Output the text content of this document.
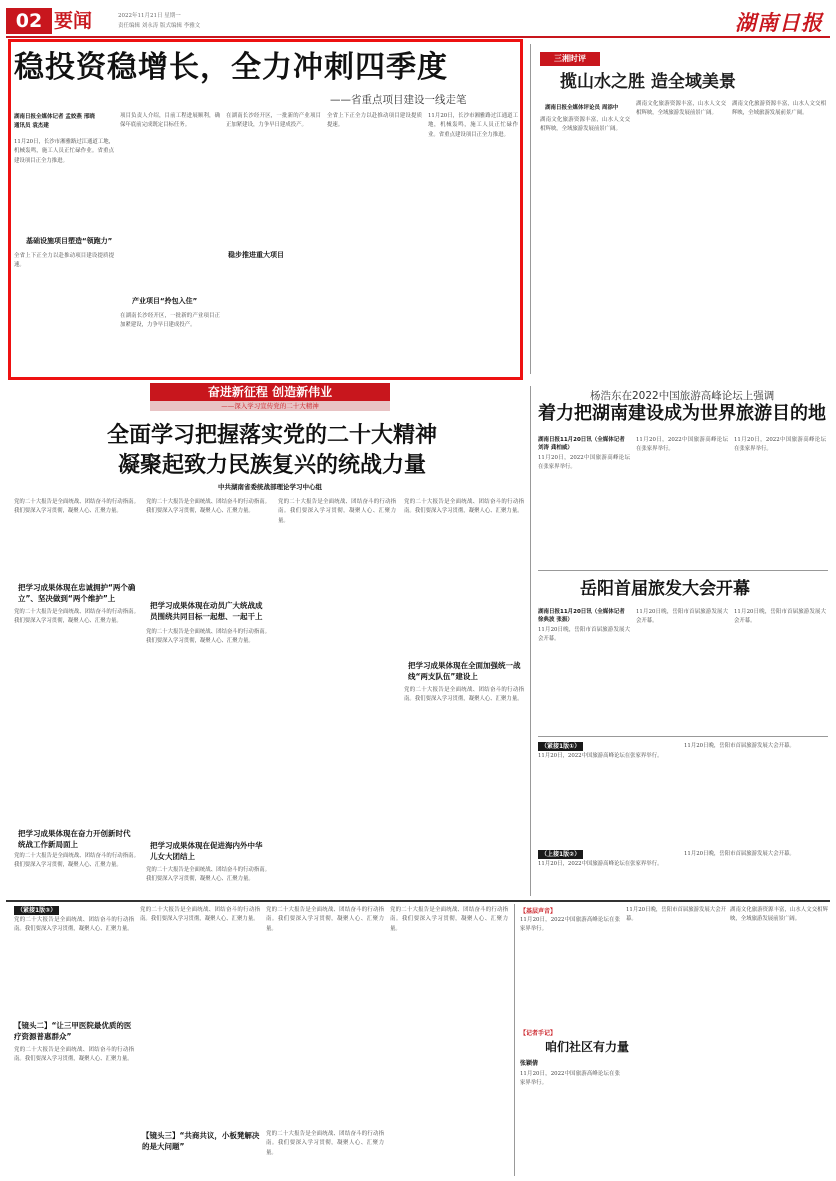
02 要闻	2022年11月21日 星期一
责任编辑 刘永涛 版式编辑 李雅文	湖南日报
稳投资稳增长，全力冲刺四季度
——省重点项目建设一线走笔
湖南日报全媒体记者 孟姣燕 邢晓
通讯员 袁杰建
11月20日，长沙市湘雅路过江通道工地，机械轰鸣，施工人员正忙碌作业。省重点建设项目正全力推进。
基础设施项目塑造“领跑力”
全省上下正全力以赴推动项目建设提质提速。
项目负责人介绍，目前工程进展顺利，确保年底前完成既定目标任务。
产业项目“拎包入住”
在湖南长沙经开区，一批新的产业项目正加紧建设，力争早日建成投产。
在湖南长沙经开区，一批新的产业项目正加紧建设，力争早日建成投产。
全省上下正全力以赴推动项目建设提质提速。
11月20日，长沙市湘雅路过江通道工地，机械轰鸣，施工人员正忙碌作业。省重点建设项目正全力推进。
稳步推进重大项目
三湘时评
揽山水之胜 造全域美景
湖南日报全媒体评论员 周添中
湖南文化旅游资源丰富，山水人文交相辉映，全域旅游发展前景广阔。
湖南文化旅游资源丰富，山水人文交相辉映，全域旅游发展前景广阔。
湖南文化旅游资源丰富，山水人文交相辉映，全域旅游发展前景广阔。
奋进新征程 创造新伟业
——深入学习宣传党的二十大精神
全面学习把握落实党的二十大精神
凝聚起致力民族复兴的统战力量
中共湖南省委统战部理论学习中心组
党的二十大报告是全面统战、团结奋斗的行动指南。我们要深入学习贯彻，凝聚人心、汇聚力量。
把学习成果体现在忠诚拥护“两个确立”、坚决做到“两个维护”上
党的二十大报告是全面统战、团结奋斗的行动指南。我们要深入学习贯彻，凝聚人心、汇聚力量。
把学习成果体现在奋力开创新时代统战工作新局面上
党的二十大报告是全面统战、团结奋斗的行动指南。我们要深入学习贯彻，凝聚人心、汇聚力量。
党的二十大报告是全面统战、团结奋斗的行动指南。我们要深入学习贯彻，凝聚人心、汇聚力量。
把学习成果体现在动员广大统战成员围绕共同目标一起想、一起干上
党的二十大报告是全面统战、团结奋斗的行动指南。我们要深入学习贯彻，凝聚人心、汇聚力量。
把学习成果体现在促进海内外中华儿女大团结上
党的二十大报告是全面统战、团结奋斗的行动指南。我们要深入学习贯彻，凝聚人心、汇聚力量。
党的二十大报告是全面统战、团结奋斗的行动指南。我们要深入学习贯彻，凝聚人心、汇聚力量。
党的二十大报告是全面统战、团结奋斗的行动指南。我们要深入学习贯彻，凝聚人心、汇聚力量。
把学习成果体现在全面加强统一战线“两支队伍”建设上
党的二十大报告是全面统战、团结奋斗的行动指南。我们要深入学习贯彻，凝聚人心、汇聚力量。
杨浩东在2022中国旅游高峰论坛上强调
着力把湖南建设成为世界旅游目的地
湖南日报11月20日讯（全媒体记者 刘涛 龚柏威）
11月20日，2022中国旅游高峰论坛在张家界举行。
11月20日，2022中国旅游高峰论坛在张家界举行。
11月20日，2022中国旅游高峰论坛在张家界举行。
岳阳首届旅发大会开幕
湖南日报11月20日讯（全媒体记者 徐典波 张振）
11月20日晚，岳阳市首届旅游发展大会开幕。
11月20日晚，岳阳市首届旅游发展大会开幕。
11月20日晚，岳阳市首届旅游发展大会开幕。
（紧接1版①）
11月20日，2022中国旅游高峰论坛在张家界举行。
11月20日晚，岳阳市首届旅游发展大会开幕。
（上接1版②）
11月20日，2022中国旅游高峰论坛在张家界举行。
11月20日晚，岳阳市首届旅游发展大会开幕。
（紧接1版③）
党的二十大报告是全面统战、团结奋斗的行动指南。我们要深入学习贯彻，凝聚人心、汇聚力量。
【镜头二】“让三甲医院最优质的医疗资源普惠群众”
党的二十大报告是全面统战、团结奋斗的行动指南。我们要深入学习贯彻，凝聚人心、汇聚力量。
党的二十大报告是全面统战、团结奋斗的行动指南。我们要深入学习贯彻，凝聚人心、汇聚力量。
党的二十大报告是全面统战、团结奋斗的行动指南。我们要深入学习贯彻，凝聚人心、汇聚力量。
【镜头三】“共商共议，小板凳解决的是大问题”
党的二十大报告是全面统战、团结奋斗的行动指南。我们要深入学习贯彻，凝聚人心、汇聚力量。
党的二十大报告是全面统战、团结奋斗的行动指南。我们要深入学习贯彻，凝聚人心、汇聚力量。
【基层声音】
11月20日，2022中国旅游高峰论坛在张家界举行。
【记者手记】
咱们社区有力量
张颖倩
11月20日，2022中国旅游高峰论坛在张家界举行。
11月20日晚，岳阳市首届旅游发展大会开幕。
湖南文化旅游资源丰富，山水人文交相辉映，全域旅游发展前景广阔。
